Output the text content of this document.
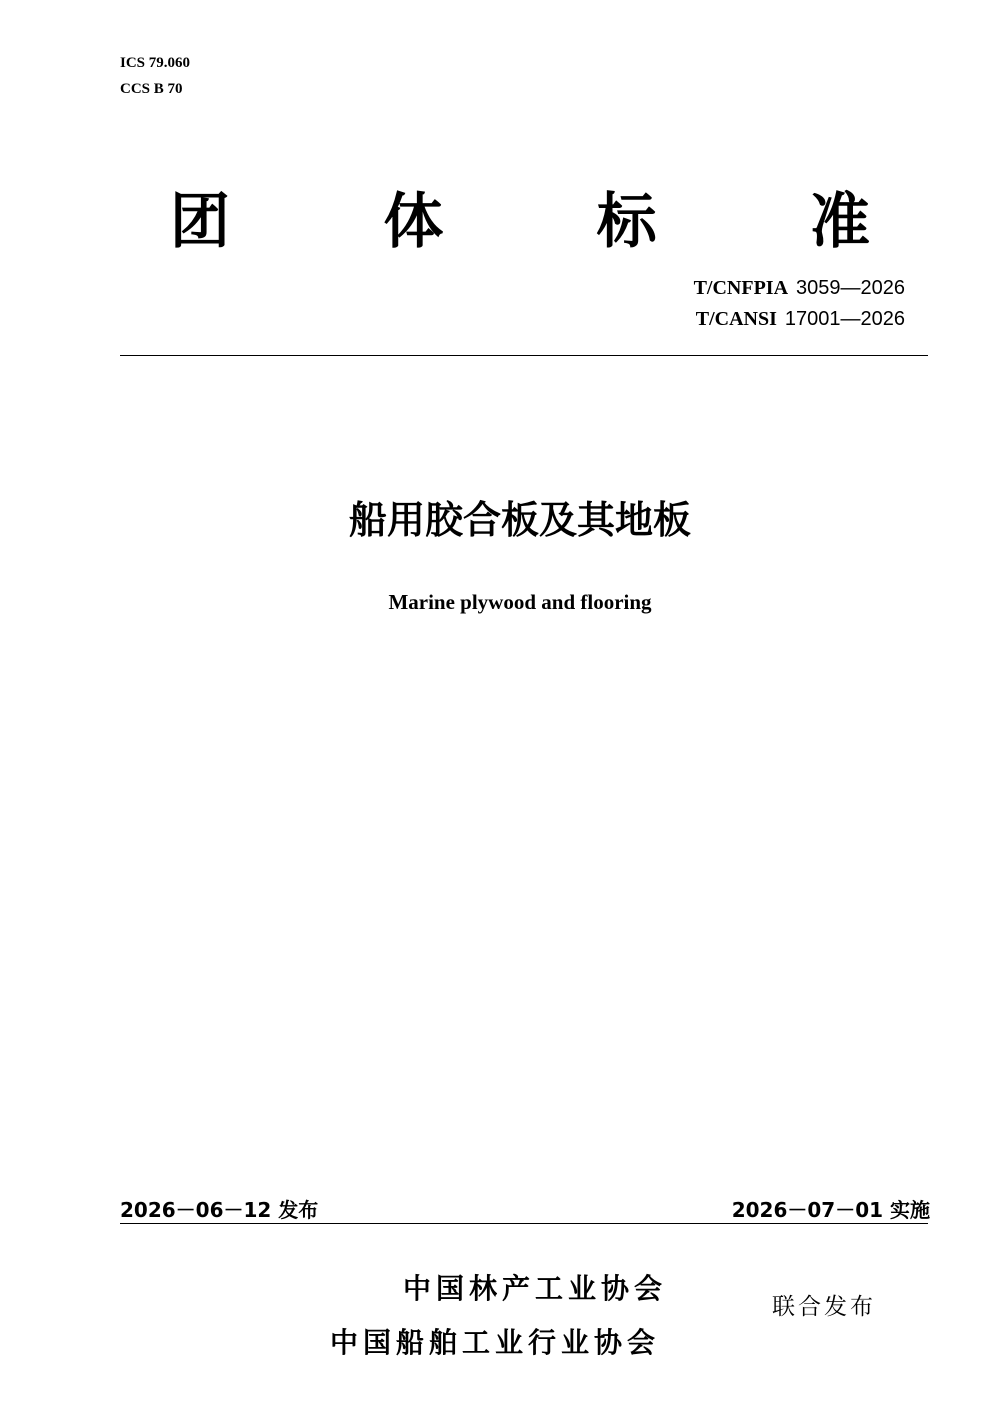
ICS 79.060
CCS B 70
团	体	标	准
T/CNFPIA 3059—2026
T/CANSI 17001—2026
船用胶合板及其地板
Marine plywood and flooring
2026－06－12 发布	2026－07－01 实施
中国林产工业协会
中国船舶工业行业协会
联合发布
